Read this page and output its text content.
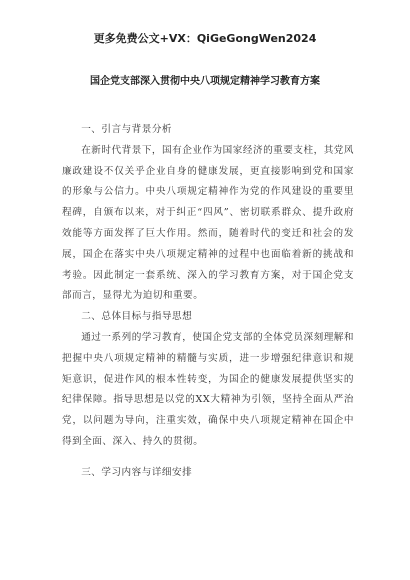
更多免费公文+VX：QiGeGongWen2024
国企党支部深入贯彻中央八项规定精神学习教育方案

一、引言与背景分析

在新时代背景下，国有企业作为国家经济的重要支柱，其党风廉政建设不仅关乎企业自身的健康发展，更直接影响到党和国家的形象与公信力。中央八项规定精神作为党的作风建设的重要里程碑，自颁布以来，对于纠正“四风”、密切联系群众、提升政府效能等方面发挥了巨大作用。然而，随着时代的变迁和社会的发展，国企在落实中央八项规定精神的过程中也面临着新的挑战和考验。因此制定一套系统、深入的学习教育方案，对于国企党支部而言，显得尤为迫切和重要。

二、总体目标与指导思想

通过一系列的学习教育，使国企党支部的全体党员深刻理解和把握中央八项规定精神的精髓与实质，进一步增强纪律意识和规矩意识，促进作风的根本性转变，为国企的健康发展提供坚实的纪律保障。指导思想是以党的XX大精神为引领，坚持全面从严治党，以问题为导向，注重实效，确保中央八项规定精神在国企中得到全面、深入、持久的贯彻。

三、学习内容与详细安排
